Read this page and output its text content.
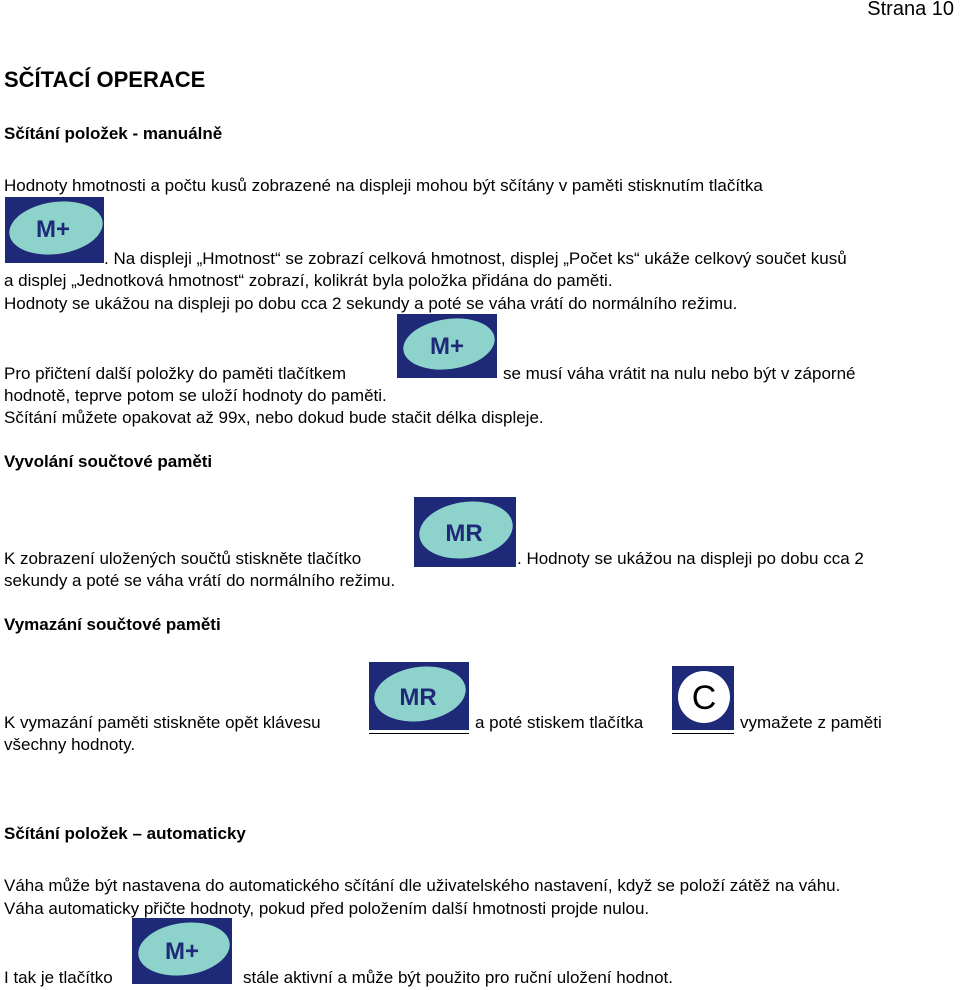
Strana 10
SČÍTACÍ OPERACE
Sčítání položek - manuálně
Hodnoty hmotnosti a počtu kusů zobrazené na displeji mohou být sčítány v paměti stisknutím tlačítka
M+
. Na displeji „Hmotnost“ se zobrazí celková hmotnost, displej „Počet ks“ ukáže celkový součet kusů
a displej „Jednotková hmotnost“ zobrazí, kolikrát byla položka přidána do paměti.
Hodnoty se ukážou na displeji po dobu cca 2 sekundy a poté se váha vrátí do normálního režimu.
Pro přičtení další položky do paměti tlačítkem
M+
se musí váha vrátit na nulu nebo být v záporné
hodnotě, teprve potom se uloží hodnoty do paměti.
Sčítání můžete opakovat až 99x, nebo dokud bude stačit délka displeje.
Vyvolání součtové paměti
K zobrazení uložených součtů stiskněte tlačítko
MR
. Hodnoty se ukážou na displeji po dobu cca 2
sekundy a poté se váha vrátí do normálního režimu.
Vymazání součtové paměti
K vymazání paměti stiskněte opět klávesu
MR
a poté stiskem tlačítka
C
vymažete z paměti
všechny hodnoty.
Sčítání položek – automaticky
Váha může být nastavena do automatického sčítání dle uživatelského nastavení, když se položí zátěž na váhu.
Váha automaticky přičte hodnoty, pokud před položením další hmotnosti projde nulou.
I tak je tlačítko
M+
stále aktivní a může být použito pro ruční uložení hodnot.
